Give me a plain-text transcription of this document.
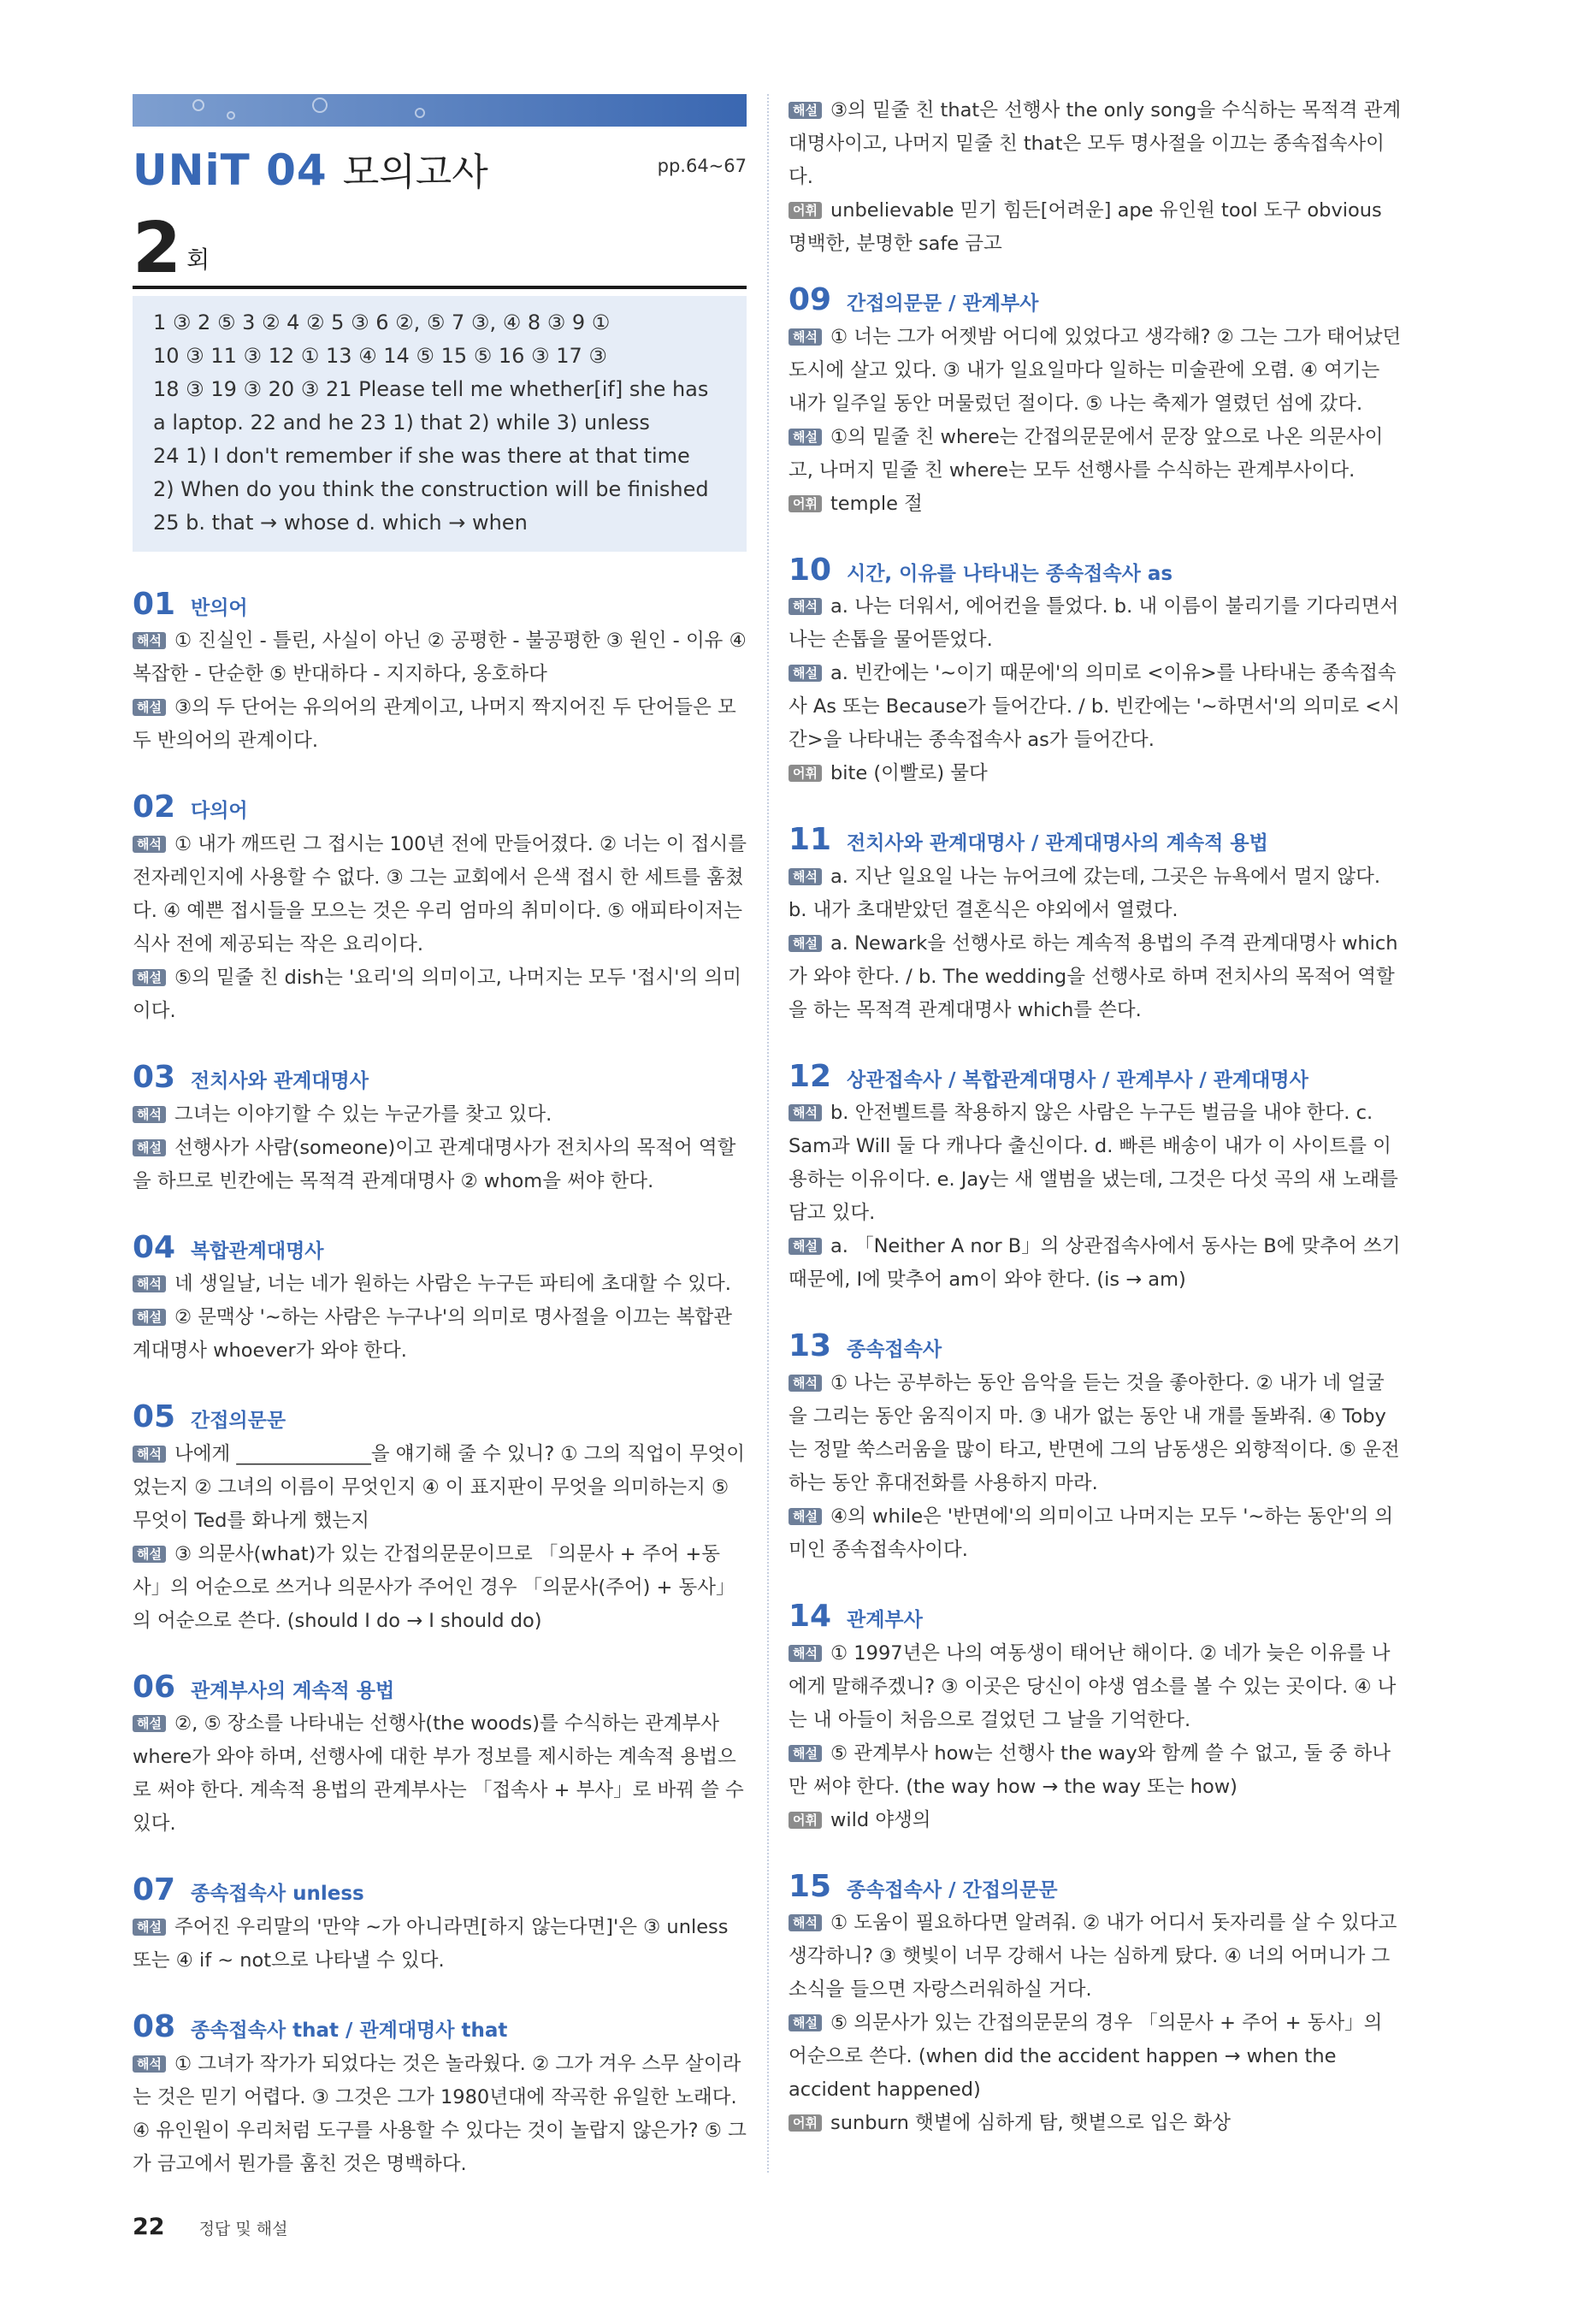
UNiT 04 모의고사	pp.64~67
2 회
1 ③ 2 ⑤ 3 ② 4 ② 5 ③ 6 ②, ⑤ 7 ③, ④ 8 ③ 9 ①
10 ③ 11 ③ 12 ① 13 ④ 14 ⑤ 15 ⑤ 16 ③ 17 ③
18 ③ 19 ③ 20 ③ 21 Please tell me whether[if] she has
a laptop. 22 and he 23 1) that 2) while 3) unless
24 1) I don't remember if she was there at that time
2) When do you think the construction will be finished
25 b. that → whose d. which → when
01 반의어
해석 ① 진실인 - 틀린, 사실이 아닌 ② 공평한 - 불공평한 ③ 원인 - 이유 ④ 복잡한 - 단순한 ⑤ 반대하다 - 지지하다, 옹호하다
해설 ③의 두 단어는 유의어의 관계이고, 나머지 짝지어진 두 단어들은 모두 반의어의 관계이다.
02 다의어
해석 ① 내가 깨뜨린 그 접시는 100년 전에 만들어졌다. ② 너는 이 접시를 전자레인지에 사용할 수 없다. ③ 그는 교회에서 은색 접시 한 세트를 훔쳤다. ④ 예쁜 접시들을 모으는 것은 우리 엄마의 취미이다. ⑤ 애피타이저는 식사 전에 제공되는 작은 요리이다.
해설 ⑤의 밑줄 친 dish는 '요리'의 의미이고, 나머지는 모두 '접시'의 의미이다.
03 전치사와 관계대명사
해석 그녀는 이야기할 수 있는 누군가를 찾고 있다.
해설 선행사가 사람(someone)이고 관계대명사가 전치사의 목적어 역할을 하므로 빈칸에는 목적격 관계대명사 ② whom을 써야 한다.
04 복합관계대명사
해석 네 생일날, 너는 네가 원하는 사람은 누구든 파티에 초대할 수 있다.
해설 ② 문맥상 '~하는 사람은 누구나'의 의미로 명사절을 이끄는 복합관계대명사 whoever가 와야 한다.
05 간접의문문
해석 나에게 ______________을 얘기해 줄 수 있니? ① 그의 직업이 무엇이었는지 ② 그녀의 이름이 무엇인지 ④ 이 표지판이 무엇을 의미하는지 ⑤ 무엇이 Ted를 화나게 했는지
해설 ③ 의문사(what)가 있는 간접의문문이므로 「의문사 + 주어 +동사」의 어순으로 쓰거나 의문사가 주어인 경우 「의문사(주어) + 동사」의 어순으로 쓴다. (should I do → I should do)
06 관계부사의 계속적 용법
해설 ②, ⑤ 장소를 나타내는 선행사(the woods)를 수식하는 관계부사 where가 와야 하며, 선행사에 대한 부가 정보를 제시하는 계속적 용법으로 써야 한다. 계속적 용법의 관계부사는 「접속사 + 부사」로 바꿔 쓸 수 있다.
07 종속접속사 unless
해설 주어진 우리말의 '만약 ~가 아니라면[하지 않는다면]'은 ③ unless 또는 ④ if ~ not으로 나타낼 수 있다.
08 종속접속사 that / 관계대명사 that
해석 ① 그녀가 작가가 되었다는 것은 놀라웠다. ② 그가 겨우 스무 살이라는 것은 믿기 어렵다. ③ 그것은 그가 1980년대에 작곡한 유일한 노래다. ④ 유인원이 우리처럼 도구를 사용할 수 있다는 것이 놀랍지 않은가? ⑤ 그가 금고에서 뭔가를 훔친 것은 명백하다.
해설 ③의 밑줄 친 that은 선행사 the only song을 수식하는 목적격 관계대명사이고, 나머지 밑줄 친 that은 모두 명사절을 이끄는 종속접속사이다.
어휘 unbelievable 믿기 힘든[어려운] ape 유인원 tool 도구 obvious 명백한, 분명한 safe 금고
09 간접의문문 / 관계부사
해석 ① 너는 그가 어젯밤 어디에 있었다고 생각해? ② 그는 그가 태어났던 도시에 살고 있다. ③ 내가 일요일마다 일하는 미술관에 오렴. ④ 여기는 내가 일주일 동안 머물렀던 절이다. ⑤ 나는 축제가 열렸던 섬에 갔다.
해설 ①의 밑줄 친 where는 간접의문문에서 문장 앞으로 나온 의문사이고, 나머지 밑줄 친 where는 모두 선행사를 수식하는 관계부사이다.
어휘 temple 절
10 시간, 이유를 나타내는 종속접속사 as
해석 a. 나는 더워서, 에어컨을 틀었다. b. 내 이름이 불리기를 기다리면서 나는 손톱을 물어뜯었다.
해설 a. 빈칸에는 '~이기 때문에'의 의미로 <이유>를 나타내는 종속접속사 As 또는 Because가 들어간다. / b. 빈칸에는 '~하면서'의 의미로 <시간>을 나타내는 종속접속사 as가 들어간다.
어휘 bite (이빨로) 물다
11 전치사와 관계대명사 / 관계대명사의 계속적 용법
해석 a. 지난 일요일 나는 뉴어크에 갔는데, 그곳은 뉴욕에서 멀지 않다. b. 내가 초대받았던 결혼식은 야외에서 열렸다.
해설 a. Newark을 선행사로 하는 계속적 용법의 주격 관계대명사 which가 와야 한다. / b. The wedding을 선행사로 하며 전치사의 목적어 역할을 하는 목적격 관계대명사 which를 쓴다.
12 상관접속사 / 복합관계대명사 / 관계부사 / 관계대명사
해석 b. 안전벨트를 착용하지 않은 사람은 누구든 벌금을 내야 한다. c. Sam과 Will 둘 다 캐나다 출신이다. d. 빠른 배송이 내가 이 사이트를 이용하는 이유이다. e. Jay는 새 앨범을 냈는데, 그것은 다섯 곡의 새 노래를 담고 있다.
해설 a. 「Neither A nor B」의 상관접속사에서 동사는 B에 맞추어 쓰기 때문에, I에 맞추어 am이 와야 한다. (is → am)
13 종속접속사
해석 ① 나는 공부하는 동안 음악을 듣는 것을 좋아한다. ② 내가 네 얼굴을 그리는 동안 움직이지 마. ③ 내가 없는 동안 내 개를 돌봐줘. ④ Toby는 정말 쑥스러움을 많이 타고, 반면에 그의 남동생은 외향적이다. ⑤ 운전하는 동안 휴대전화를 사용하지 마라.
해설 ④의 while은 '반면에'의 의미이고 나머지는 모두 '~하는 동안'의 의미인 종속접속사이다.
14 관계부사
해석 ① 1997년은 나의 여동생이 태어난 해이다. ② 네가 늦은 이유를 나에게 말해주겠니? ③ 이곳은 당신이 야생 염소를 볼 수 있는 곳이다. ④ 나는 내 아들이 처음으로 걸었던 그 날을 기억한다.
해설 ⑤ 관계부사 how는 선행사 the way와 함께 쓸 수 없고, 둘 중 하나만 써야 한다. (the way how → the way 또는 how)
어휘 wild 야생의
15 종속접속사 / 간접의문문
해석 ① 도움이 필요하다면 알려줘. ② 내가 어디서 돗자리를 살 수 있다고 생각하니? ③ 햇빛이 너무 강해서 나는 심하게 탔다. ④ 너의 어머니가 그 소식을 들으면 자랑스러워하실 거다.
해설 ⑤ 의문사가 있는 간접의문문의 경우 「의문사 + 주어 + 동사」의 어순으로 쓴다. (when did the accident happen → when the accident happened)
어휘 sunburn 햇볕에 심하게 탐, 햇볕으로 입은 화상
22 정답 및 해설
